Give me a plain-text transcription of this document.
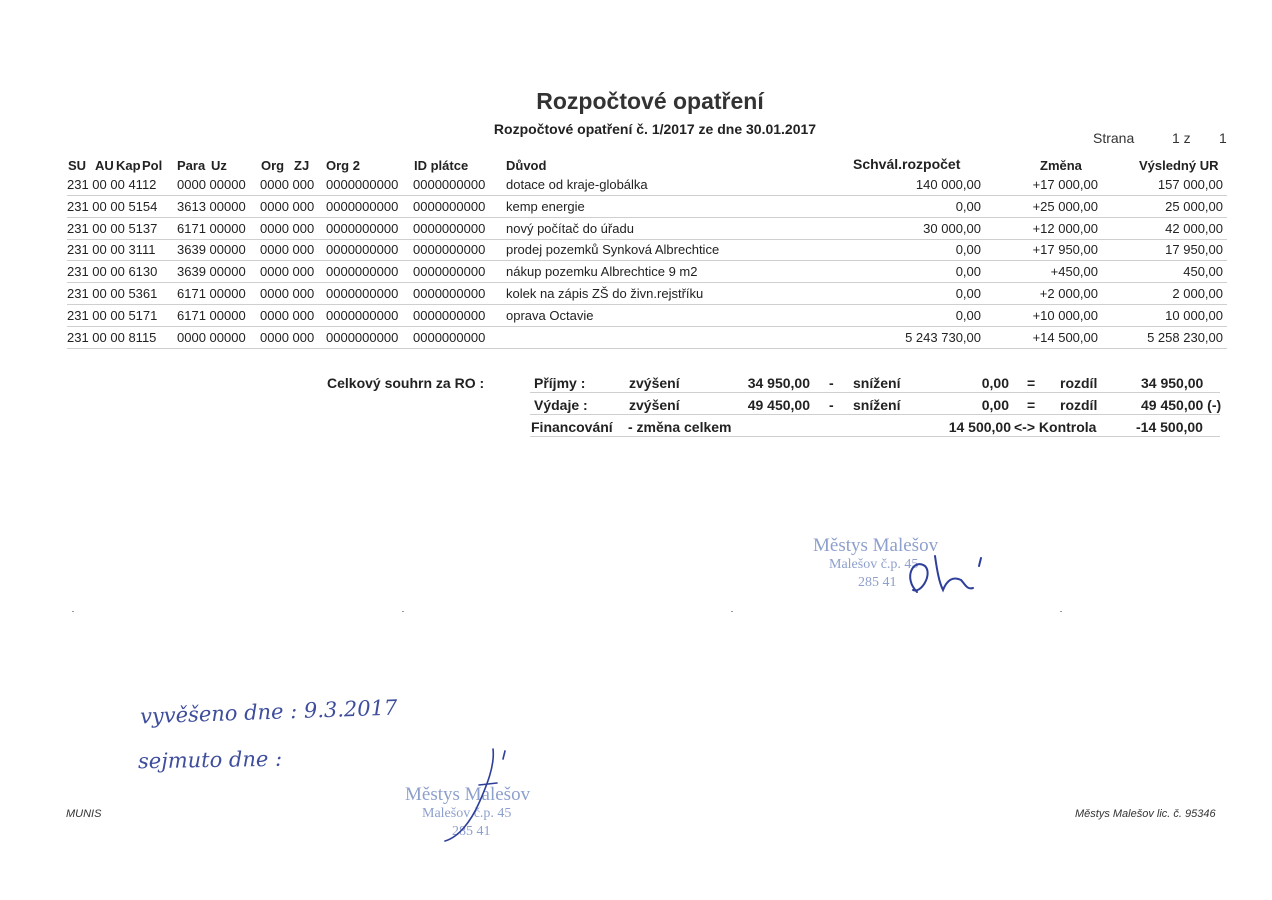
Rozpočtové opatření
Rozpočtové opatření č. 1/2017 ze dne 30.01.2017
Strana	1 z 1
SU AU Kap Pol Para Uz	Org ZJ Org 2	ID plátce	Důvod	Schvál.rozpočet	Změna	Výsledný UR
231 00 00 4112 0000 00000 0000 000 0000000000 0000000000 dotace od kraje-globálka	140 000,00	+17 000,00	157 000,00
231 00 00 5154 3613 00000 0000 000 0000000000 0000000000 kemp energie	0,00	+25 000,00	25 000,00
231 00 00 5137 6171 00000 0000 000 0000000000 0000000000 nový počítač do úřadu	30 000,00	+12 000,00	42 000,00
231 00 00 3111 3639 00000 0000 000 0000000000 0000000000 prodej pozemků Synková Albrechtice	0,00	+17 950,00	17 950,00
231 00 00 6130 3639 00000 0000 000 0000000000 0000000000 nákup pozemku Albrechtice 9 m2	0,00	+450,00	450,00
231 00 00 5361 6171 00000 0000 000 0000000000 0000000000 kolek na zápis ZŠ do živn.rejstříku	0,00	+2 000,00	2 000,00
231 00 00 5171 6171 00000 0000 000 0000000000 0000000000 oprava Octavie	0,00	+10 000,00	10 000,00
231 00 00 8115 0000 00000 0000 000 0000000000 0000000000	5 243 730,00	+14 500,00	5 258 230,00
Celkový souhrn za RO :	Příjmy :	zvýšení	34 950,00 - snížení	0,00 = rozdíl	34 950,00
Výdaje :	zvýšení	49 450,00 - snížení	0,00 = rozdíl	49 450,00 (-)
Financování - změna celkem	14 500,00 <-> Kontrola	-14 500,00
Městys Malešov
Malešov č.p. 45
285 41
vyvěšeno dne : 9.3.2017
sejmuto dne :
Městys Malešov
Malešov č.p. 45
285 41
MUNIS	Městys Malešov lic. č. 95346
